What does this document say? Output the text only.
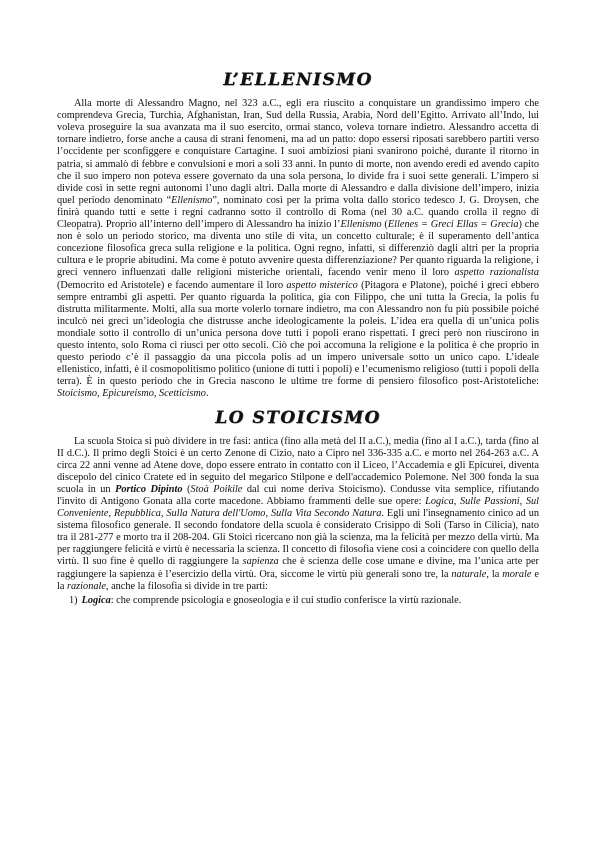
L’ELLENISMO

Alla morte di Alessandro Magno, nel 323 a.C., egli era riuscito a conquistare un grandissimo impero che comprendeva Grecia, Turchia, Afghanistan, Iran, Sud della Russia, Arabia, Nord dell’Egitto. Arrivato all’Indo, lui voleva proseguire la sua avanzata ma il suo esercito, ormai stanco, voleva tornare indietro. Alessandro accettа di tornare indietro, forse anche a causa di strani fenomeni, ma ad un patto: dopo essersi riposati sarebbero partiti verso l’occidente per sconfiggere e conquistare Cartagine. I suoi ambiziosi piani svanirono poiché, durante il ritorno in patria, si ammalò di febbre e convulsioni e morì a soli 33 anni. In punto di morte, non avendo eredi ed avendo capito che il suo impero non poteva essere governato da una sola persona, lo divide fra i suoi sette generali. L’impero si divide così in sette regni autonomi l’uno dagli altri. Dalla morte di Alessandro e dalla divisione dell’impero, inizia quel periodo denominato “Ellenismo”, nominato così per la prima volta dallo storico tedesco J. G. Droysen, che finirà quando tutti e sette i regni cadranno sotto il controllo di Roma (nel 30 a.C. quando crolla il regno di Cleopatra). Proprio all’interno dell’impero di Alessandro ha inizio l’Ellenismo (Ellenes = Greci Ellas = Grecia) che non è solo un periodo storico, ma diventa uno stile di vita, un concetto culturale; è il superamento dell’antica concezione filosofica greca sulla religione e la politica. Ogni regno, infatti, si differenziò dagli altri per la propria cultura e le proprie abitudini. Ma come è potuto avvenire questa differenziazione? Per quanto riguarda la religione, i greci vennero influenzati dalle religioni misteriche orientali, facendo venir meno il loro aspetto razionalista (Democrito ed Aristotele) e facendo aumentare il loro aspetto misterico (Pitagora e Platone), poiché i greci ebbero sempre entrambi gli aspetti. Per quanto riguarda la politica, gia con Filippo, che unì tutta la Grecia, la polis fu distrutta militarmente. Molti, alla sua morte volerlo tornare indietro, ma con Alessandro non fu più possibile poiché inculcò nei greci un’ideologia che distrusse anche ideologicamente la poleis. L’idea era quella di un’unica polis mondiale sotto il controllo di un’unica persona dove tutti i popoli erano rispettati. I greci però non riuscirono in questo intento, solo Roma ci riuscì per otto secoli. Ciò che poi accomuna la religione e la politica è che proprio in questo periodo c’è il passaggio da una piccola polis ad un impero universale sotto un unico capo. L’ideale ellenistico, infatti, è il cosmopolitismo politico (unione di tutti i popoli) e l’ecumenismo religioso (tutti i popoli della terra). È in questo periodo che in Grecia nascono le ultime tre forme di pensiero filosofico post-Aristoteliche: Stoicismo, Epicureismo, Scetticismo.

LO STOICISMO

La scuola Stoica si può dividere in tre fasi: antica (fino alla metà del II a.C.), media (fino al I a.C.), tarda (fino al II d.C.). Il primo degli Stoici è un certo Zenone di Cizio, nato a Cipro nel 336-335 a.C. e morto nel 264-263 a.C. A circa 22 anni venne ad Atene dove, dopo essere entrato in contatto con il Liceo, l’Accademia e gli Epicurei, diventa discepolo del cinico Cratete ed in seguito del megarico Stilpone e dell'accademico Polemone. Nel 300 fonda la sua scuola in un Portico Dipinto (Stoà Poikile dal cui nome deriva Stoicismo). Condusse vita semplice, rifiutando l'invito di Antigono Gonata alla corte macedone. Abbiamo frammenti delle sue opere: Logica, Sulle Passioni, Sul Conveniente, Repubblica, Sulla Natura dell'Uomo, Sulla Vita Secondo Natura. Egli unì l'insegnamento cinico ad un sistema filosofico generale. Il secondo fondatore della scuola è considerato Crisippo di Soli (Tarso in Cilicia), nato tra il 281-277 e morto tra il 208-204. Gli Stoici ricercano non già la scienza, ma la felicità per mezzo della virtù. Ma per raggiungere felicità e virtù è necessaria la scienza. Il concetto di filosofia viene così a coincidere con quello della virtù. Il suo fine è quello di raggiungere la sapienza che è scienza delle cose umane e divine, ma l’unica arte per raggiungere la sapienza è l’esercizio della virtù. Ora, siccome le virtù più generali sono tre, la naturale, la morale e la razionale, anche la filosofia si divide in tre parti:

1) Logica: che comprende psicologia e gnoseologia e il cui studio conferisce la virtù razionale.
